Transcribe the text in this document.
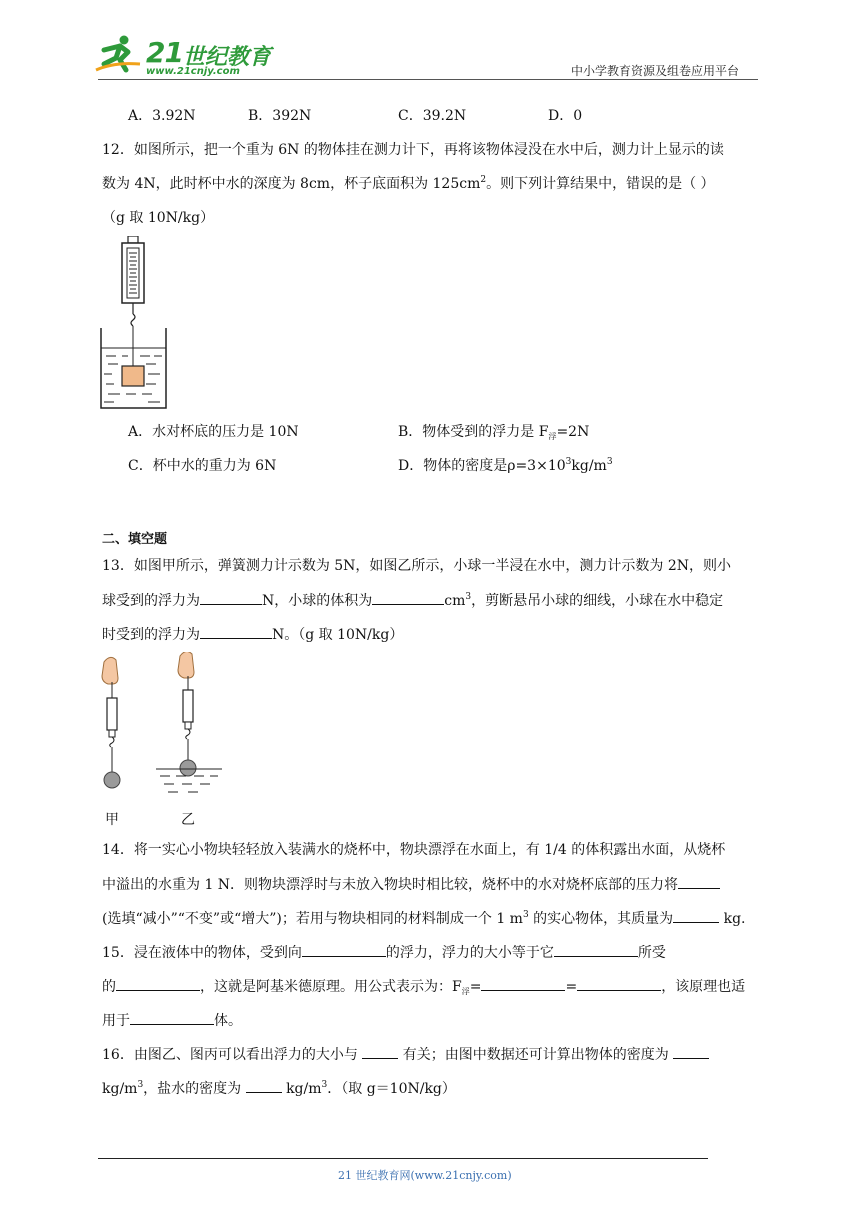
21 世纪教育
www.21cnjy.com	中小学教育资源及组卷应用平台
A．3.92N	B．392N	C．39.2N	D．0
12．如图所示，把一个重为 6N 的物体挂在测力计下，再将该物体浸没在水中后，测力计上显示的读
数为 4N，此时杯中水的深度为 8cm，杯子底面积为 $125cm^2$。则下列计算结果中，错误的是（ ）
（g 取 10N/kg）
A．水对杯底的压力是 10N	B．物体受到的浮力是 $F_浮=2N$
C．杯中水的重力为 6N	D．物体的密度是$\rho=3\times 10^3kg/m^3$
二、填空题
13．如图甲所示，弹簧测力计示数为 5N，如图乙所示，小球一半浸在水中，测力计示数为 2N，则小
球受到的浮力为	N，小球的体积为	$cm^3$，剪断悬吊小球的细线，小球在水中稳定
时受到的浮力为	N。（g 取 10N/kg）
甲	乙
14．将一实心小物块轻轻放入装满水的烧杯中，物块漂浮在水面上，有 1/4 的体积露出水面，从烧杯
中溢出的水重为 1 N．则物块漂浮时与未放入物块时相比较，烧杯中的水对烧杯底部的压力将
(选填“减小”“不变”或“增大”)；若用与物块相同的材料制成一个 1 $m^3$ 的实心物体，其质量为	kg.
15．浸在液体中的物体，受到向	的浮力，浮力的大小等于它	所受
的	，这就是阿基米德原理。用公式表示为：$F_浮=$	=	，该原理也适
用于	体。
16．由图乙、图丙可以看出浮力的大小与	有关；由图中数据还可计算出物体的密度为
$kg/m^3$，盐水的密度为	$kg/m^3$．（取 g＝10N/kg）
21 世纪教育网(www.21cnjy.com)
